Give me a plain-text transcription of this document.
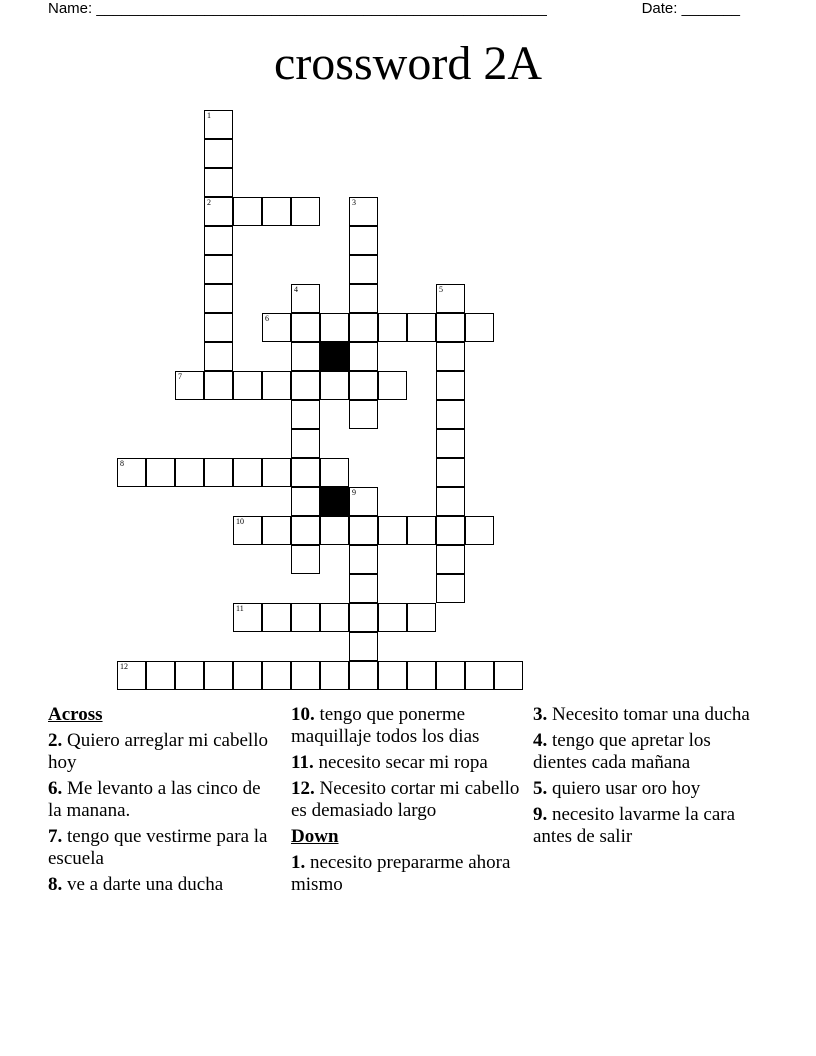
Name: ______________________________________________________	Date: _______
crossword 2A
1
2	3
4	5
6
7
8
9
10
11
12
Across
2. Quiero arreglar mi cabello hoy
6. Me levanto a las cinco de la manana.
7. tengo que vestirme para la escuela
8. ve a darte una ducha
10. tengo que ponerme maquillaje todos los dias
11. necesito secar mi ropa
12. Necesito cortar mi cabello es demasiado largo
Down
1. necesito prepararme ahora mismo
3. Necesito tomar una ducha
4. tengo que apretar los dientes cada mañana
5. quiero usar oro hoy
9. necesito lavarme la cara antes de salir
